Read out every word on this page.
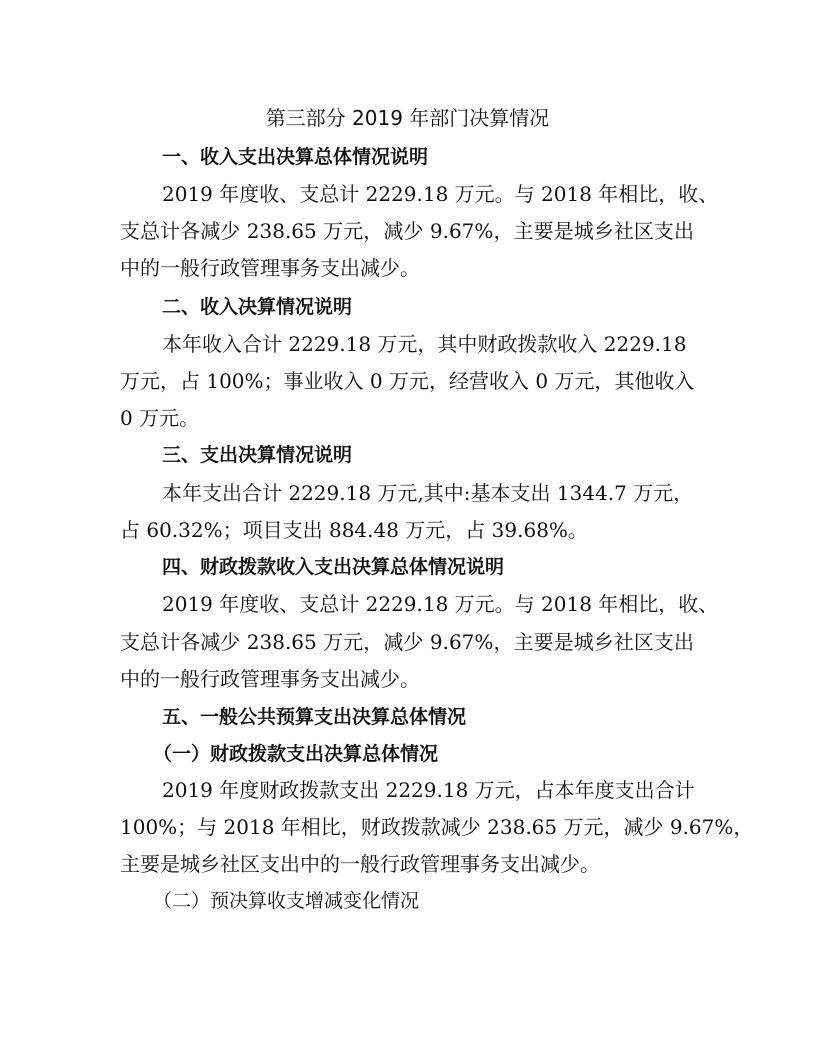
第三部分 2019 年部门决算情况
一、收入支出决算总体情况说明
2019 年度收、支总计 2229.18 万元。与 2018 年相比，收、
支总计各减少 238.65 万元，减少 9.67%，主要是城乡社区支出
中的一般行政管理事务支出减少。
二、收入决算情况说明
本年收入合计 2229.18 万元，其中财政拨款收入 2229.18
万元，占 100%；事业收入 0 万元，经营收入 0 万元，其他收入
0 万元。
三、支出决算情况说明
本年支出合计 2229.18 万元,其中:基本支出 1344.7 万元，
占 60.32%；项目支出 884.48 万元，占 39.68%。
四、财政拨款收入支出决算总体情况说明
2019 年度收、支总计 2229.18 万元。与 2018 年相比，收、
支总计各减少 238.65 万元，减少 9.67%，主要是城乡社区支出
中的一般行政管理事务支出减少。
五、一般公共预算支出决算总体情况
（一）财政拨款支出决算总体情况
2019 年度财政拨款支出 2229.18 万元，占本年度支出合计
100%；与 2018 年相比，财政拨款减少 238.65 万元，减少 9.67%，
主要是城乡社区支出中的一般行政管理事务支出减少。
（二）预决算收支增减变化情况
